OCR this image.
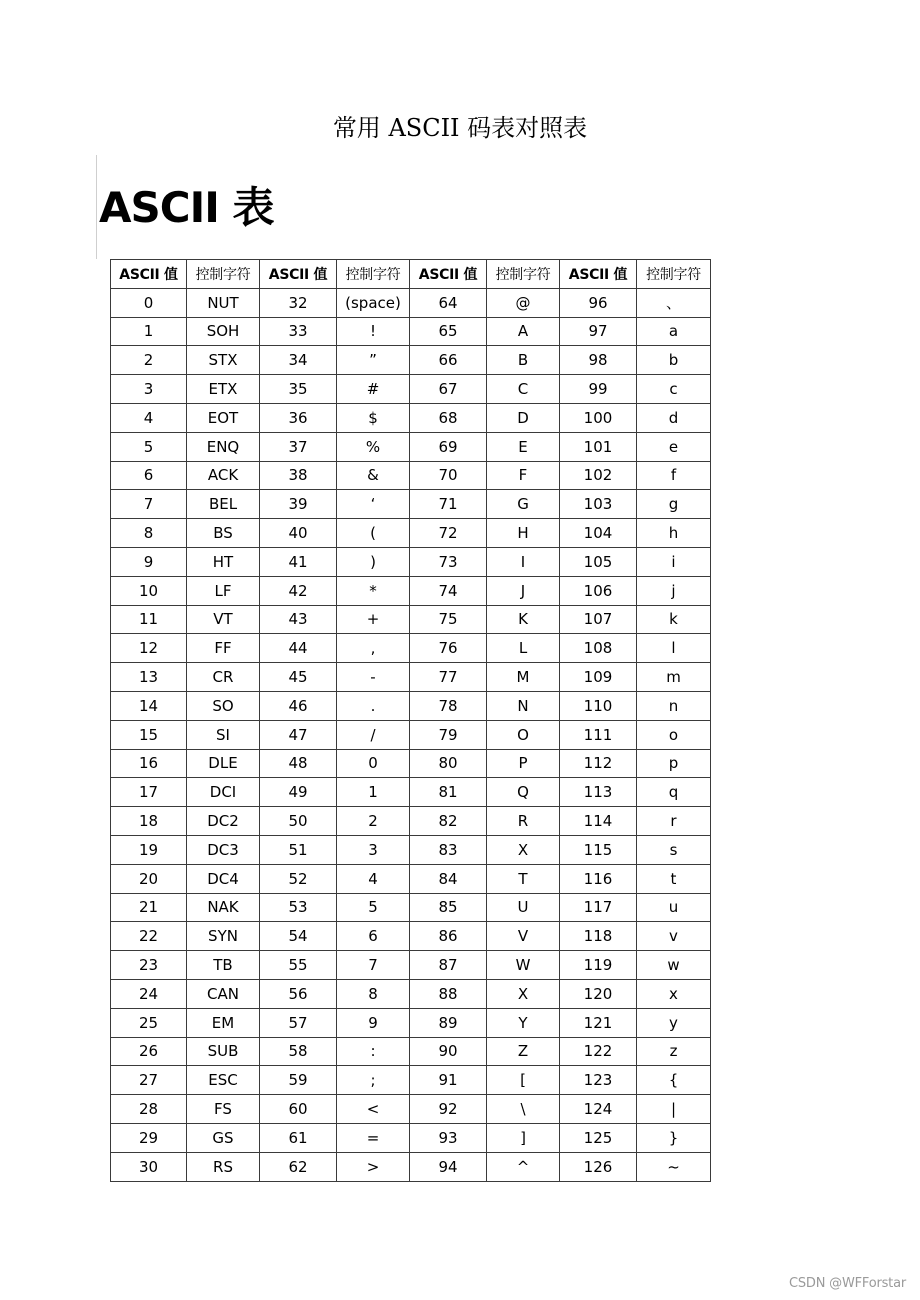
常用 ASCII 码表对照表
ASCII 表
ASCII 值	控制字符	ASCII 值	控制字符	ASCII 值	控制字符	ASCII 值	控制字符
0	NUT	32	(space)	64	@	96	、
1	SOH	33	!	65	A	97	a
2	STX	34	”	66	B	98	b
3	ETX	35	#	67	C	99	c
4	EOT	36	$	68	D	100	d
5	ENQ	37	%	69	E	101	e
6	ACK	38	&	70	F	102	f
7	BEL	39	‘	71	G	103	g
8	BS	40	(	72	H	104	h
9	HT	41	)	73	I	105	i
10	LF	42	*	74	J	106	j
11	VT	43	+	75	K	107	k
12	FF	44	,	76	L	108	l
13	CR	45	-	77	M	109	m
14	SO	46	.	78	N	110	n
15	SI	47	/	79	O	111	o
16	DLE	48	0	80	P	112	p
17	DCI	49	1	81	Q	113	q
18	DC2	50	2	82	R	114	r
19	DC3	51	3	83	X	115	s
20	DC4	52	4	84	T	116	t
21	NAK	53	5	85	U	117	u
22	SYN	54	6	86	V	118	v
23	TB	55	7	87	W	119	w
24	CAN	56	8	88	X	120	x
25	EM	57	9	89	Y	121	y
26	SUB	58	:	90	Z	122	z
27	ESC	59	;	91	[	123	{
28	FS	60	<	92	\	124	|
29	GS	61	=	93	]	125	}
30	RS	62	>	94	^	126	~
CSDN @WFForstar
